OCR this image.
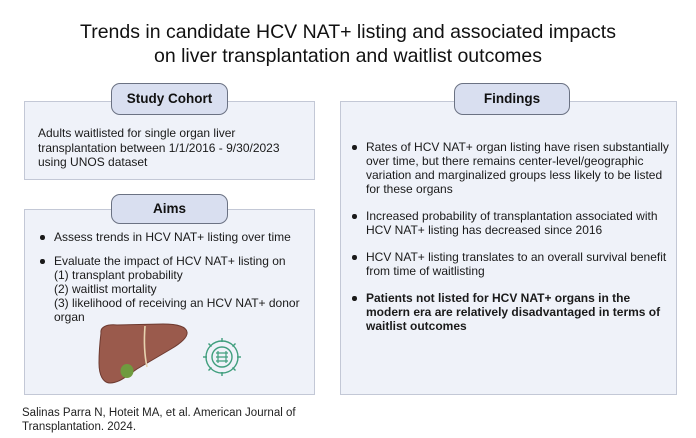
Trends in candidate HCV NAT+ listing and associated impacts
on liver transplantation and waitlist outcomes
Study Cohort
Adults waitlisted for single organ liver transplantation between 1/1/2016 - 9/30/2023 using UNOS dataset
Aims
Assess trends in HCV NAT+ listing over time
Evaluate the impact of HCV NAT+ listing on
(1) transplant probability
(2) waitlist mortality
(3) likelihood of receiving an HCV NAT+ donor
organ
Findings
Rates of HCV NAT+ organ listing have risen substantially over time, but there remains center-level/geographic variation and marginalized groups less likely to be listed for these organs
Increased probability of transplantation associated with HCV NAT+ listing has decreased since 2016
HCV NAT+ listing translates to an overall survival benefit from time of waitlisting
Patients not listed for HCV NAT+ organs in the modern era are relatively disadvantaged in terms of waitlist outcomes
Salinas Parra N, Hoteit MA, et al. American Journal of
Transplantation. 2024.
